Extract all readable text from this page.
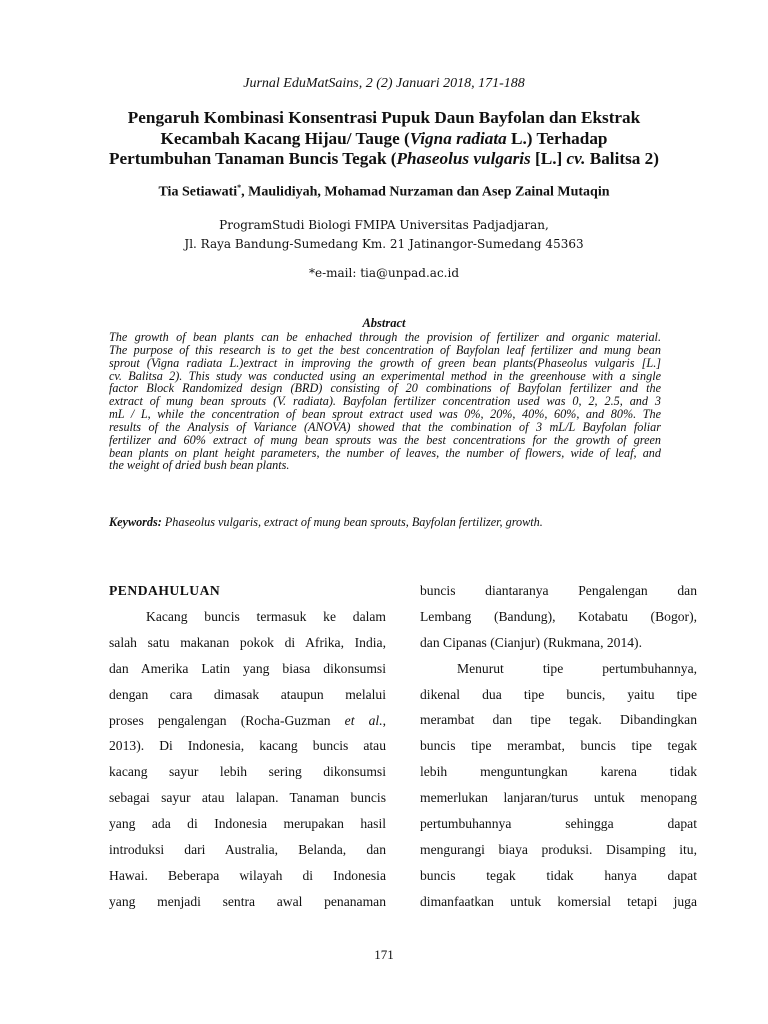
Jurnal EduMatSains, 2 (2) Januari 2018, 171-188
Pengaruh Kombinasi Konsentrasi Pupuk Daun Bayfolan dan Ekstrak
Kecambah Kacang Hijau/ Tauge (Vigna radiata L.) Terhadap
Pertumbuhan Tanaman Buncis Tegak (Phaseolus vulgaris [L.] cv. Balitsa 2)
Tia Setiawati*, Maulidiyah, Mohamad Nurzaman dan Asep Zainal Mutaqin
ProgramStudi Biologi FMIPA Universitas Padjadjaran,
Jl. Raya Bandung-Sumedang Km. 21 Jatinangor-Sumedang 45363
*e-mail: tia@unpad.ac.id
Abstract
The growth of bean plants can be enhached through the provision of fertilizer and organic material.
The purpose of this research is to get the best concentration of Bayfolan leaf fertilizer and mung bean
sprout (Vigna radiata L.)extract in improving the growth of green bean plants(Phaseolus vulgaris [L.]
cv. Balitsa 2). This study was conducted using an experimental method in the greenhouse with a single
factor Block Randomized design (BRD) consisting of 20 combinations of Bayfolan fertilizer and the
extract of mung bean sprouts (V. radiata). Bayfolan fertilizer concentration used was 0, 2, 2.5, and 3
mL / L, while the concentration of bean sprout extract used was 0%, 20%, 40%, 60%, and 80%. The
results of the Analysis of Variance (ANOVA) showed that the combination of 3 mL/L Bayfolan foliar
fertilizer and 60% extract of mung bean sprouts was the best concentrations for the growth of green
bean plants on plant height parameters, the number of leaves, the number of flowers, wide of leaf, and
the weight of dried bush bean plants.
Keywords: Phaseolus vulgaris, extract of mung bean sprouts, Bayfolan fertilizer, growth.
PENDAHULUAN
Kacang buncis termasuk ke dalam
salah satu makanan pokok di Afrika, India,
dan Amerika Latin yang biasa dikonsumsi
dengan cara dimasak ataupun melalui
proses pengalengan (Rocha-Guzman et al.,
2013). Di Indonesia, kacang buncis atau
kacang sayur lebih sering dikonsumsi
sebagai sayur atau lalapan. Tanaman buncis
yang ada di Indonesia merupakan hasil
introduksi dari Australia, Belanda, dan
Hawai. Beberapa wilayah di Indonesia
yang menjadi sentra awal penanaman
buncis diantaranya Pengalengan dan
Lembang (Bandung), Kotabatu (Bogor),
dan Cipanas (Cianjur) (Rukmana, 2014).
Menurut tipe pertumbuhannya,
dikenal dua tipe buncis, yaitu tipe
merambat dan tipe tegak. Dibandingkan
buncis tipe merambat, buncis tipe tegak
lebih menguntungkan karena tidak
memerlukan lanjaran/turus untuk menopang
pertumbuhannya sehingga dapat
mengurangi biaya produksi. Disamping itu,
buncis tegak tidak hanya dapat
dimanfaatkan untuk komersial tetapi juga
171
